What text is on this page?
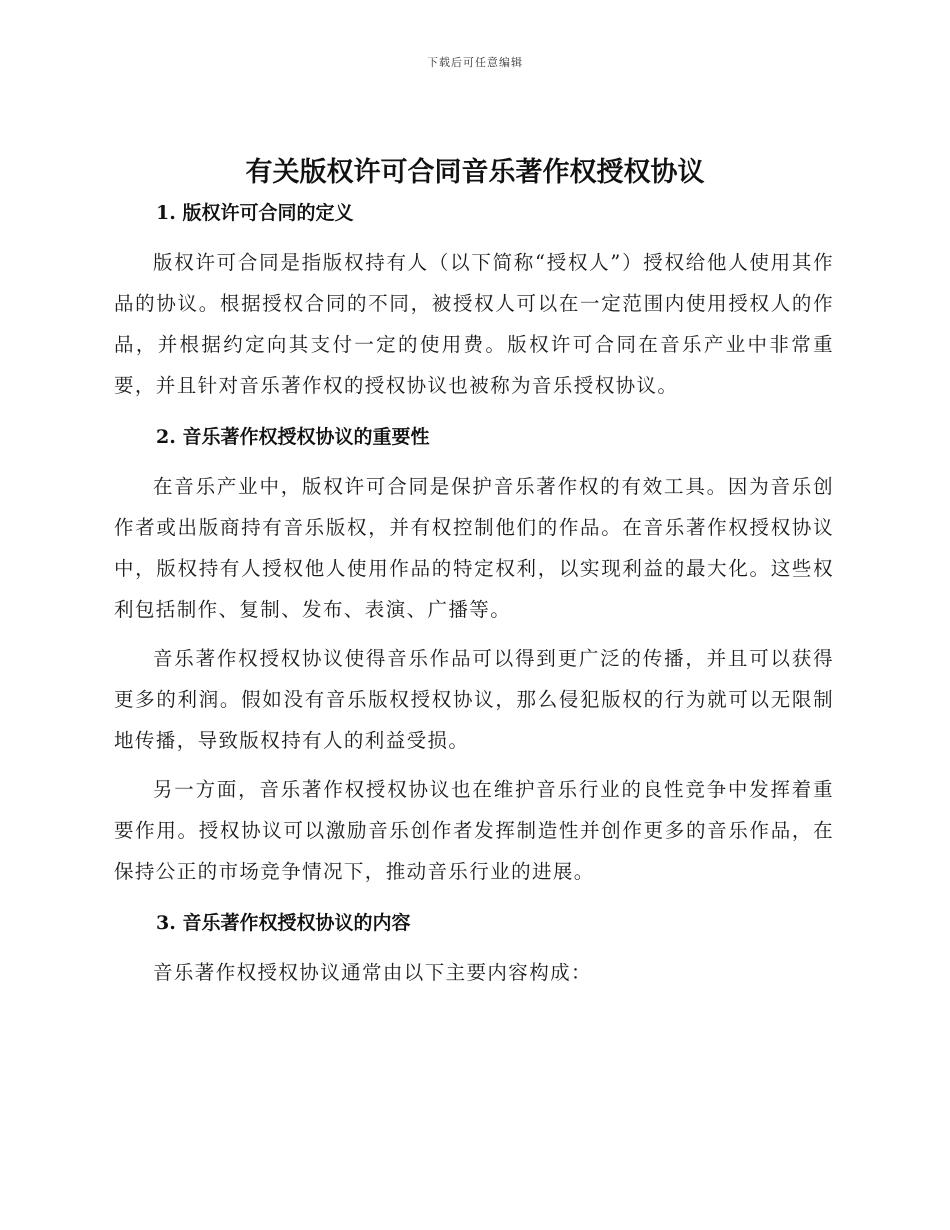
下载后可任意编辑
有关版权许可合同音乐著作权授权协议
1. 版权许可合同的定义

版权许可合同是指版权持有人（以下简称“授权人”）授权给他人使用其作品的协议。根据授权合同的不同，被授权人可以在一定范围内使用授权人的作品，并根据约定向其支付一定的使用费。版权许可合同在音乐产业中非常重要，并且针对音乐著作权的授权协议也被称为音乐授权协议。

2. 音乐著作权授权协议的重要性

在音乐产业中，版权许可合同是保护音乐著作权的有效工具。因为音乐创作者或出版商持有音乐版权，并有权控制他们的作品。在音乐著作权授权协议中，版权持有人授权他人使用作品的特定权利，以实现利益的最大化。这些权利包括制作、复制、发布、表演、广播等。

音乐著作权授权协议使得音乐作品可以得到更广泛的传播，并且可以获得更多的利润。假如没有音乐版权授权协议，那么侵犯版权的行为就可以无限制地传播，导致版权持有人的利益受损。

另一方面，音乐著作权授权协议也在维护音乐行业的良性竞争中发挥着重要作用。授权协议可以激励音乐创作者发挥制造性并创作更多的音乐作品，在保持公正的市场竞争情况下，推动音乐行业的进展。

3. 音乐著作权授权协议的内容

音乐著作权授权协议通常由以下主要内容构成：
